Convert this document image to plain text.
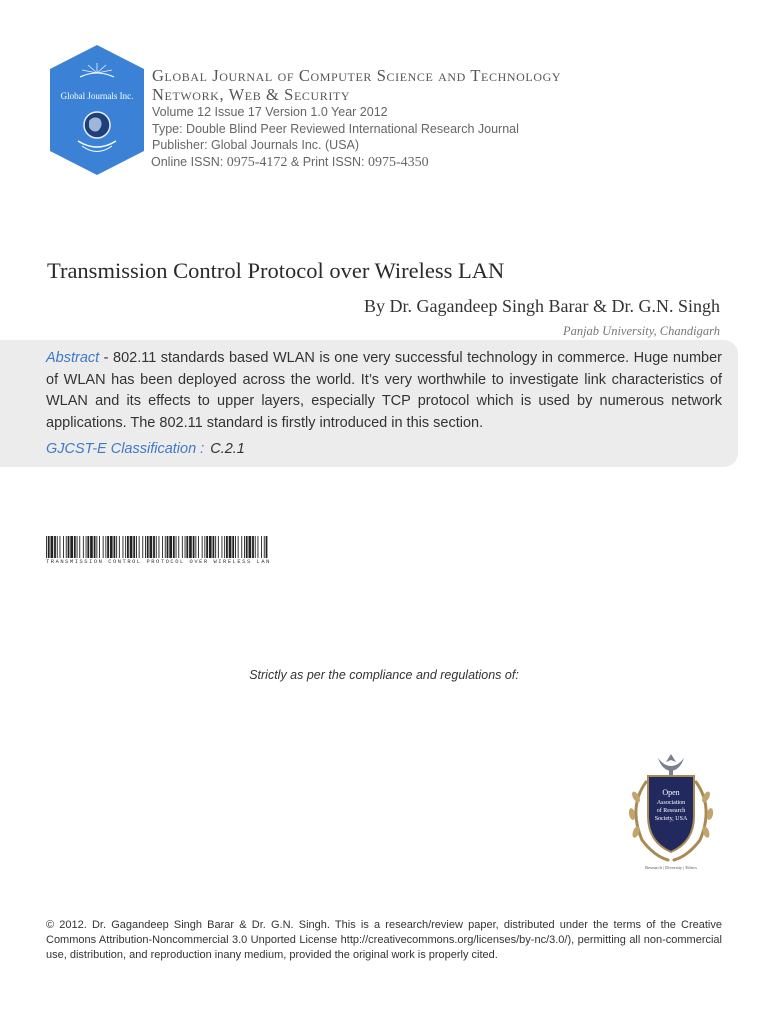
Global Journals Inc.

Global Journal of Computer Science and Technology

Network, Web & Security

Volume 12 Issue 17 Version 1.0 Year 2012

Type: Double Blind Peer Reviewed International Research Journal

Publisher: Global Journals Inc. (USA)

Online ISSN: 0975-4172 & Print ISSN: 0975-4350

Transmission Control Protocol over Wireless LAN

By Dr. Gagandeep Singh Barar & Dr. G.N. Singh

Panjab University, Chandigarh

Abstract - 802.11 standards based WLAN is one very successful technology in commerce. Huge number of WLAN has been deployed across the world. It’s very worthwhile to investigate link characteristics of WLAN and its effects to upper layers, especially TCP protocol which is used by numerous network applications. The 802.11 standard is firstly introduced in this section.

GJCST-E Classification : C.2.1

TRANSMISSION CONTROL PROTOCOL OVER WIRELESS LAN

Strictly as per the compliance and regulations of:

Open
Association
of Research
Society, USA
Research | Diversity | Ethics

© 2012. Dr. Gagandeep Singh Barar & Dr. G.N. Singh. This is a research/review paper, distributed under the terms of the Creative Commons Attribution-Noncommercial 3.0 Unported License http://creativecommons.org/licenses/by-nc/3.0/), permitting all non-commercial use, distribution, and reproduction inany medium, provided the original work is properly cited.
